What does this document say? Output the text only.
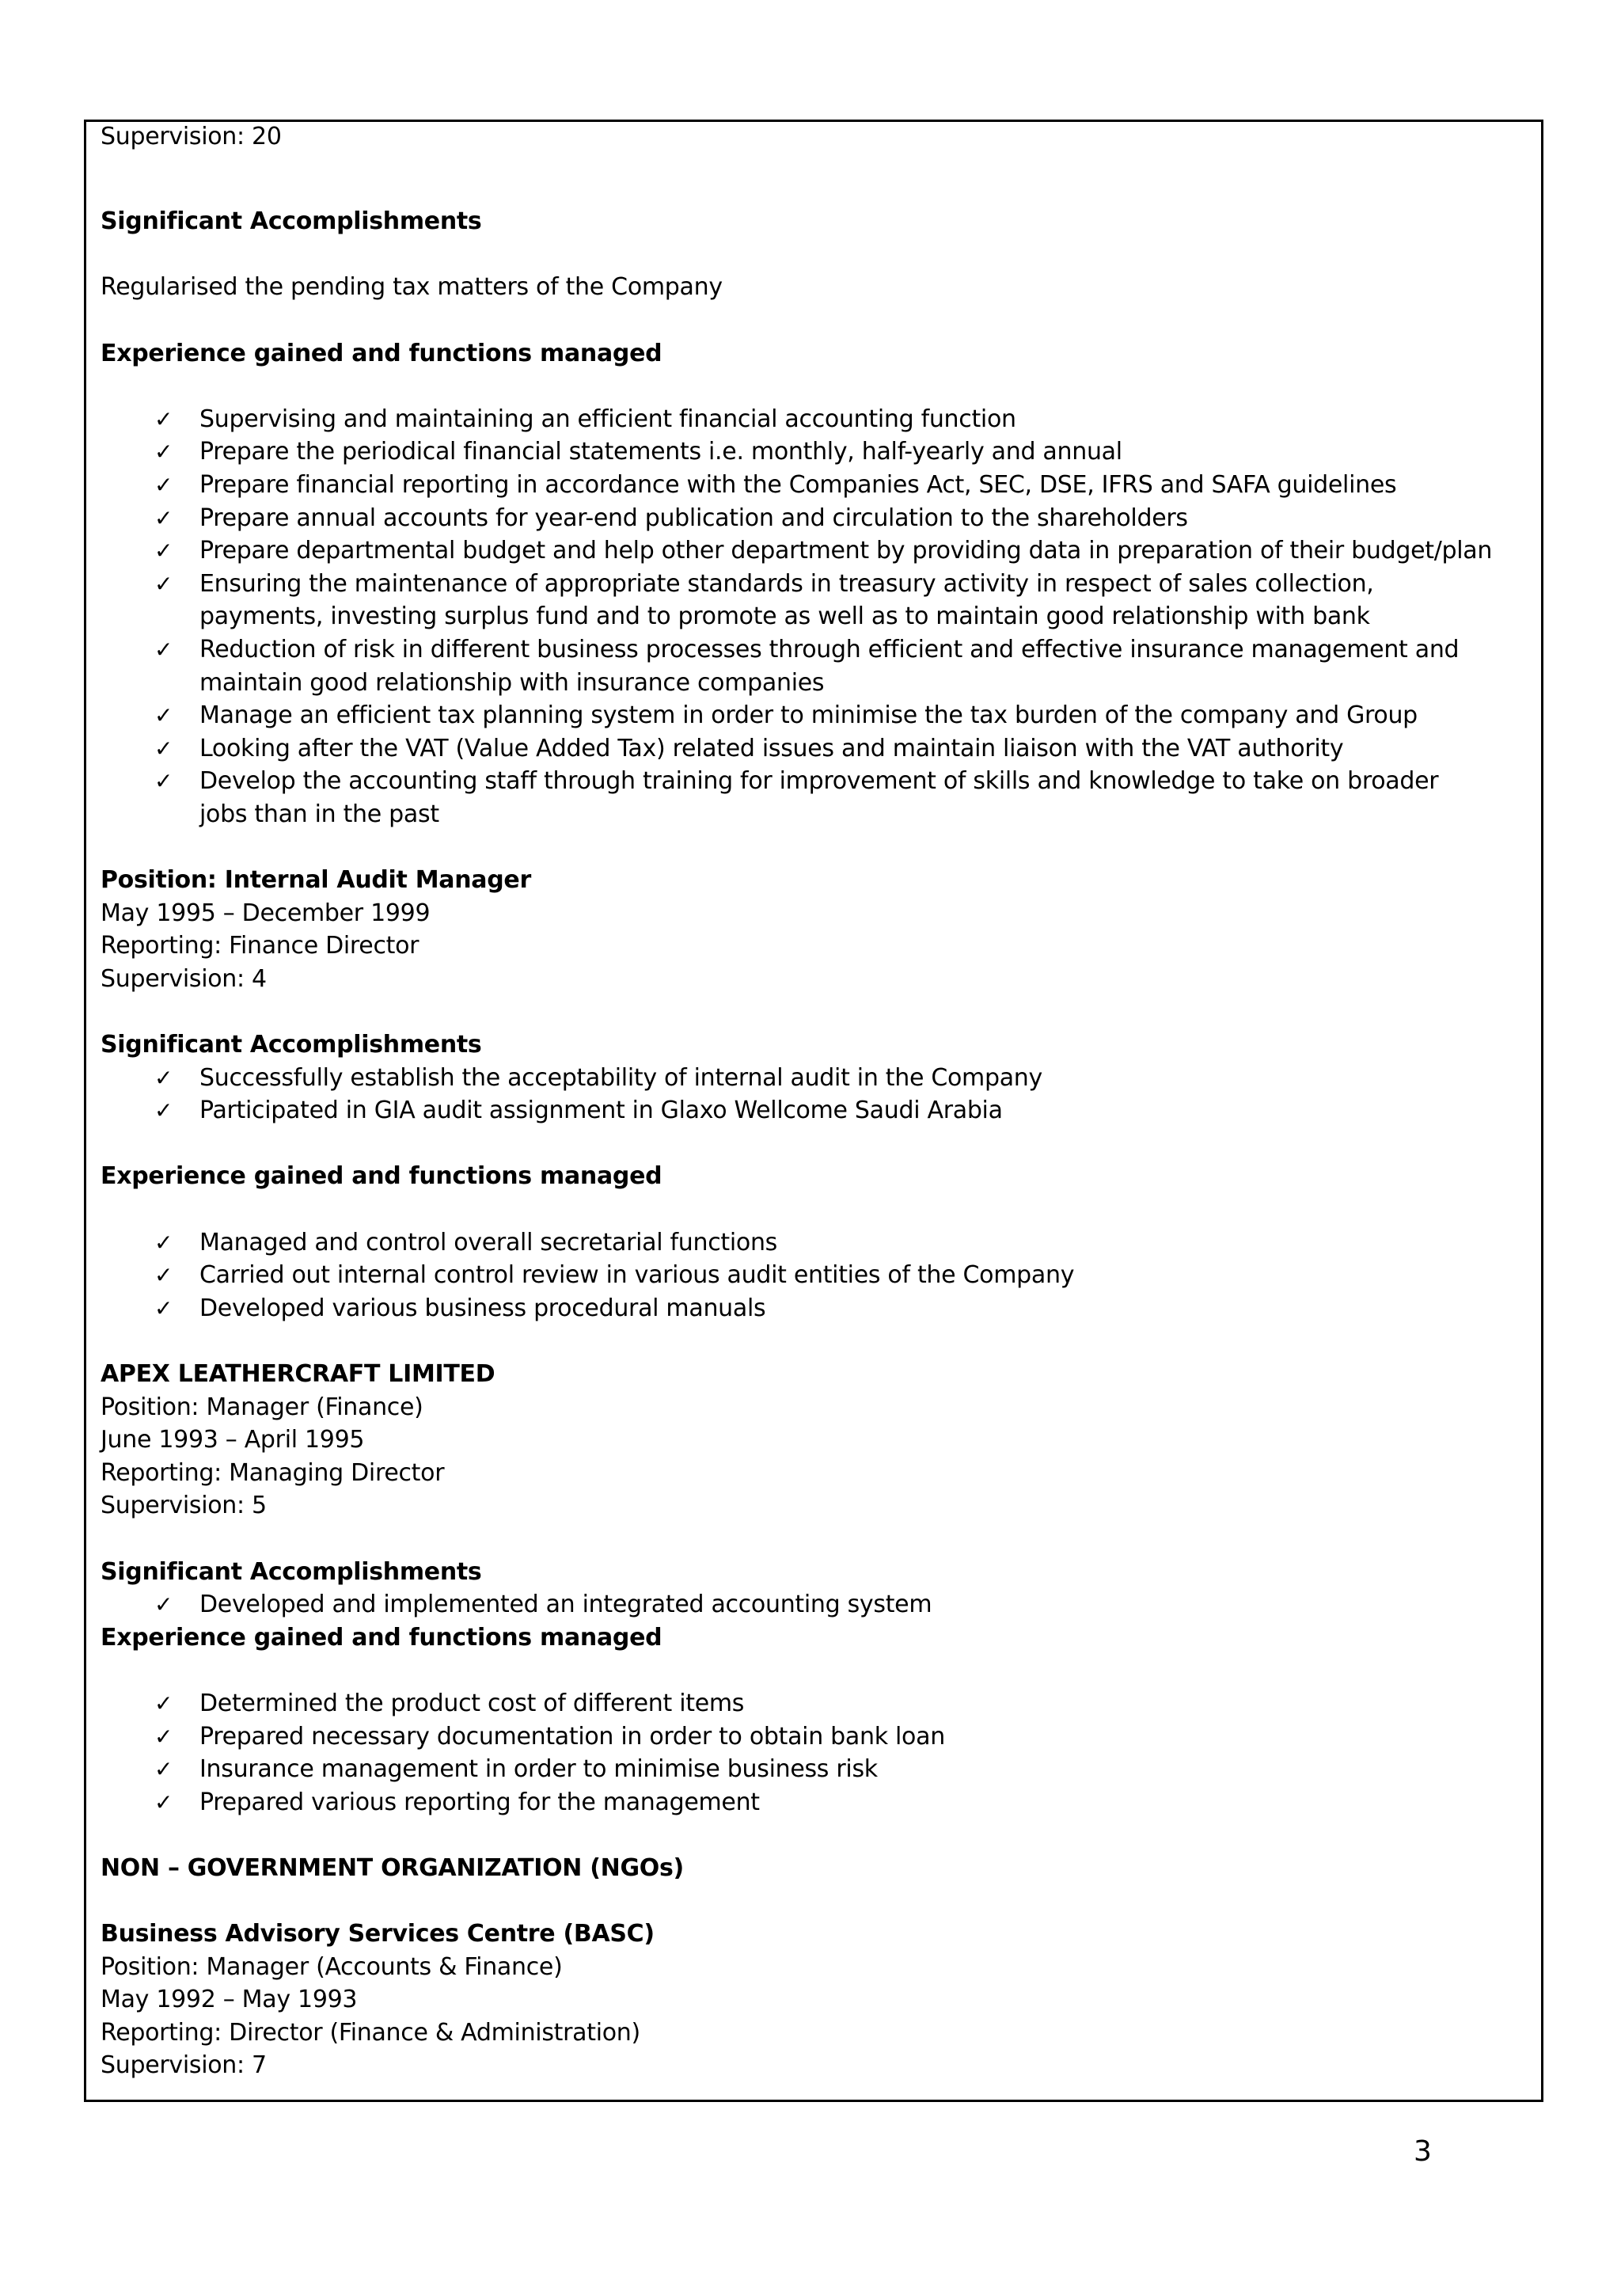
Supervision: 20
Significant Accomplishments
Regularised the pending tax matters of the Company
Experience gained and functions managed
✓ Supervising and maintaining an efficient financial accounting function
✓ Prepare the periodical financial statements i.e. monthly, half-yearly and annual
✓ Prepare financial reporting in accordance with the Companies Act, SEC, DSE, IFRS and SAFA guidelines
✓ Prepare annual accounts for year-end publication and circulation to the shareholders
✓ Prepare departmental budget and help other department by providing data in preparation of their budget/plan
✓ Ensuring the maintenance of appropriate standards in treasury activity in respect of sales collection,
payments, investing surplus fund and to promote as well as to maintain good relationship with bank
✓ Reduction of risk in different business processes through efficient and effective insurance management and
maintain good relationship with insurance companies
✓ Manage an efficient tax planning system in order to minimise the tax burden of the company and Group
✓ Looking after the VAT (Value Added Tax) related issues and maintain liaison with the VAT authority
✓ Develop the accounting staff through training for improvement of skills and knowledge to take on broader
jobs than in the past
Position: Internal Audit Manager
May 1995 – December 1999
Reporting: Finance Director
Supervision: 4
Significant Accomplishments
✓ Successfully establish the acceptability of internal audit in the Company
✓ Participated in GIA audit assignment in Glaxo Wellcome Saudi Arabia
Experience gained and functions managed
✓ Managed and control overall secretarial functions
✓ Carried out internal control review in various audit entities of the Company
✓ Developed various business procedural manuals
APEX LEATHERCRAFT LIMITED
Position: Manager (Finance)
June 1993 – April 1995
Reporting: Managing Director
Supervision: 5
Significant Accomplishments
✓ Developed and implemented an integrated accounting system
Experience gained and functions managed
✓ Determined the product cost of different items
✓ Prepared necessary documentation in order to obtain bank loan
✓ Insurance management in order to minimise business risk
✓ Prepared various reporting for the management
NON – GOVERNMENT ORGANIZATION (NGOs)
Business Advisory Services Centre (BASC)
Position: Manager (Accounts & Finance)
May 1992 – May 1993
Reporting: Director (Finance & Administration)
Supervision: 7
3
